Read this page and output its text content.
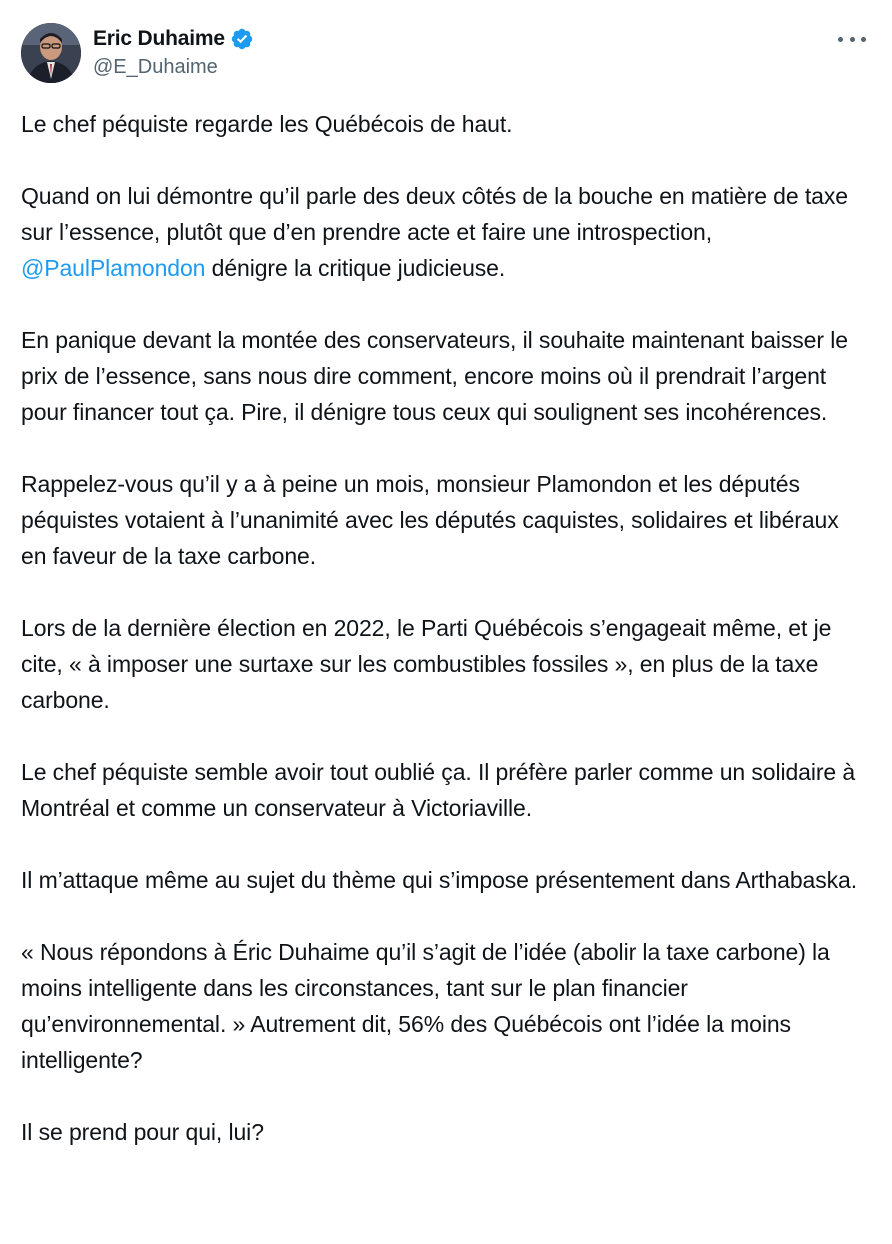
Eric Duhaime
@E_Duhaime

Le chef péquiste regarde les Québécois de haut.

Quand on lui démontre qu’il parle des deux côtés de la bouche en matière de taxe sur l’essence, plutôt que d’en prendre acte et faire une introspection, @PaulPlamondon dénigre la critique judicieuse.

En panique devant la montée des conservateurs, il souhaite maintenant baisser le prix de l’essence, sans nous dire comment, encore moins où il prendrait l’argent pour financer tout ça. Pire, il dénigre tous ceux qui soulignent ses incohérences.

Rappelez-vous qu’il y a à peine un mois, monsieur Plamondon et les députés péquistes votaient à l’unanimité avec les députés caquistes, solidaires et libéraux en faveur de la taxe carbone.

Lors de la dernière élection en 2022, le Parti Québécois s’engageait même, et je cite, « à imposer une surtaxe sur les combustibles fossiles », en plus de la taxe carbone.

Le chef péquiste semble avoir tout oublié ça. Il préfère parler comme un solidaire à Montréal et comme un conservateur à Victoriaville.

Il m’attaque même au sujet du thème qui s’impose présentement dans Arthabaska.

« Nous répondons à Éric Duhaime qu’il s’agit de l’idée (abolir la taxe carbone) la moins intelligente dans les circonstances, tant sur le plan financier qu’environnemental. » Autrement dit, 56% des Québécois ont l’idée la moins intelligente?

Il se prend pour qui, lui?
